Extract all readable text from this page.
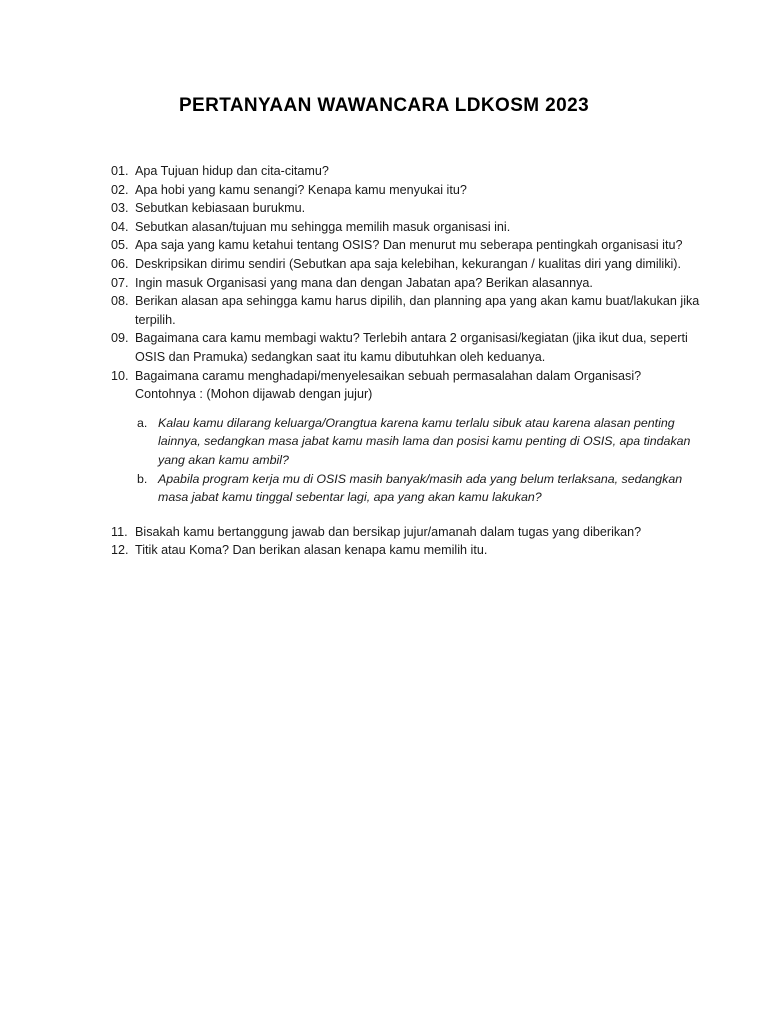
PERTANYAAN WAWANCARA LDKOSM 2023
01. Apa Tujuan hidup dan cita-citamu?
02. Apa hobi yang kamu senangi? Kenapa kamu menyukai itu?
03. Sebutkan kebiasaan burukmu.
04. Sebutkan alasan/tujuan mu sehingga memilih masuk organisasi ini.
05. Apa saja yang kamu ketahui tentang OSIS? Dan menurut mu seberapa pentingkah organisasi itu?
06. Deskripsikan dirimu sendiri (Sebutkan apa saja kelebihan, kekurangan / kualitas diri yang dimiliki).
07. Ingin masuk Organisasi yang mana dan dengan Jabatan apa? Berikan alasannya.
08. Berikan alasan apa sehingga kamu harus dipilih, dan planning apa yang akan kamu buat/lakukan jika terpilih.
09. Bagaimana cara kamu membagi waktu? Terlebih antara 2 organisasi/kegiatan (jika ikut dua, seperti OSIS dan Pramuka) sedangkan saat itu kamu dibutuhkan oleh keduanya.
10. Bagaimana caramu menghadapi/menyelesaikan sebuah permasalahan dalam Organisasi? Contohnya : (Mohon dijawab dengan jujur)
a. Kalau kamu dilarang keluarga/Orangtua karena kamu terlalu sibuk atau karena alasan penting lainnya, sedangkan masa jabat kamu masih lama dan posisi kamu penting di OSIS, apa tindakan yang akan kamu ambil?
b. Apabila program kerja mu di OSIS masih banyak/masih ada yang belum terlaksana, sedangkan masa jabat kamu tinggal sebentar lagi, apa yang akan kamu lakukan?
11. Bisakah kamu bertanggung jawab dan bersikap jujur/amanah dalam tugas yang diberikan?
12. Titik atau Koma? Dan berikan alasan kenapa kamu memilih itu.
